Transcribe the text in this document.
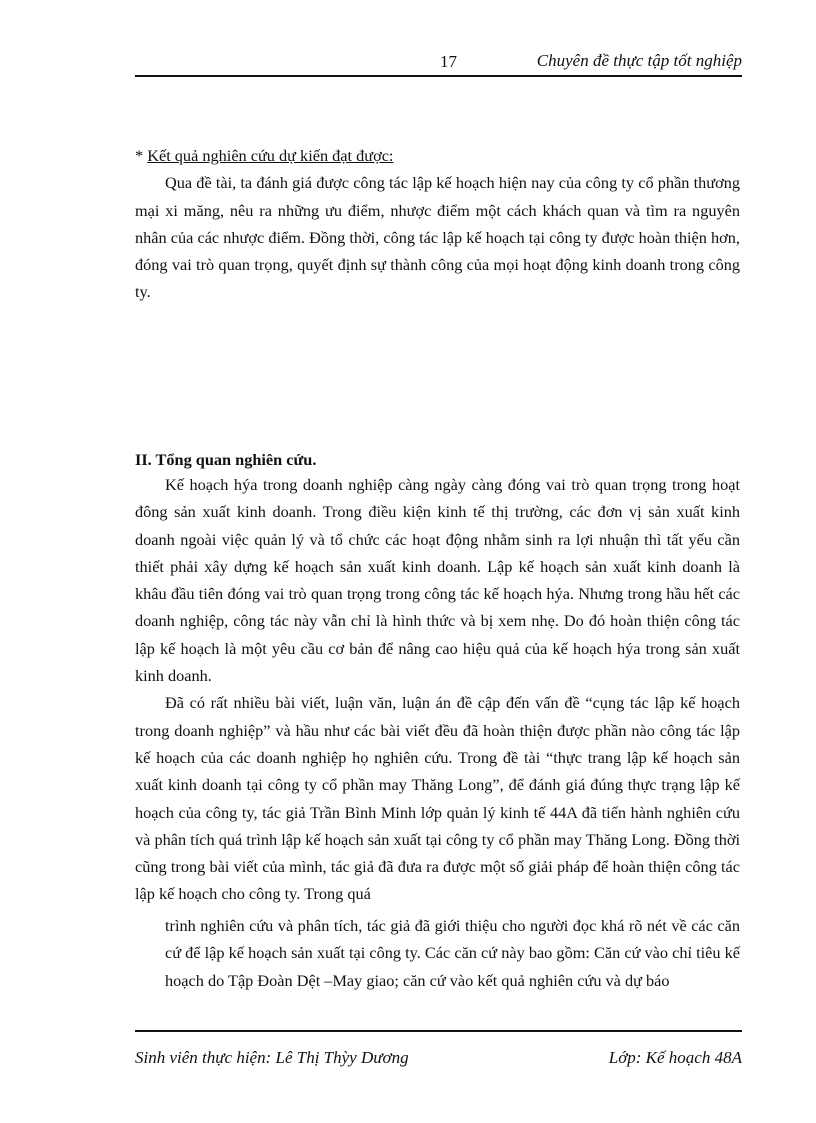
17	Chuyên đề thực tập tốt nghiệp

* Kết quả nghiên cứu dự kiến đạt được:

Qua đề tài, ta đánh giá được công tác lập kế hoạch hiện nay của công ty cổ phần thương mại xi măng, nêu ra những ưu điểm, nhược điểm một cách khách quan và tìm ra nguyên nhân của các nhược điểm. Đồng thời, công tác lập kế hoạch tại công ty được hoàn thiện hơn, đóng vai trò quan trọng, quyết định sự thành công của mọi hoạt động kinh doanh trong công ty.

II. Tổng quan nghiên cứu.

Kế hoạch hýa trong doanh nghiệp càng ngày càng đóng vai trò quan trọng trong hoạt đông sản xuất kinh doanh. Trong điều kiện kinh tế thị trường, các đơn vị sản xuất kinh doanh ngoài việc quản lý và tổ chức các hoạt động nhằm sinh ra lợi nhuận thì tất yếu cần thiết phải xây dựng kế hoạch sản xuất kinh doanh. Lập kế hoạch sản xuất kinh doanh là khâu đầu tiên đóng vai trò quan trọng trong công tác kế hoạch hýa. Nhưng trong hầu hết các doanh nghiệp, công tác này vẫn chỉ là hình thức và bị xem nhẹ. Do đó hoàn thiện công tác lập kế hoạch là một yêu cầu cơ bản để nâng cao hiệu quả của kế hoạch hýa trong sản xuất kinh doanh.

Đã có rất nhiều bài viết, luận văn, luận án đề cập đến vấn đề “cụng tác lập kế hoạch trong doanh nghiệp” và hầu như các bài viết đều đã hoàn thiện được phần nào công tác lập kế hoạch của các doanh nghiệp họ nghiên cứu. Trong đề tài “thực trang lập kế hoạch sản xuất kinh doanh tại công ty cổ phần may Thăng Long”, để đánh giá đúng thực trạng lập kế hoạch của công ty, tác giả Trần Bình Minh lớp quản lý kinh tế 44A đã tiến hành nghiên cứu và phân tích quá trình lập kế hoạch sản xuất tại công ty cổ phần may Thăng Long. Đồng thời cũng trong bài viết của mình, tác giả đã đưa ra được một số giải pháp để hoàn thiện công tác lập kế hoạch cho công ty. Trong quá

trình nghiên cứu và phân tích, tác giả đã giới thiệu cho người đọc khá rõ nét về các căn cứ để lập kế hoạch sản xuất tại công ty. Các căn cứ này bao gồm: Căn cứ vào chỉ tiêu kế hoạch do Tập Đoàn Dệt –May giao; căn cứ vào kết quả nghiên cứu và dự báo

Sinh viên thực hiện: Lê Thị Thỳy Dương	Lớp: Kế hoạch 48A
